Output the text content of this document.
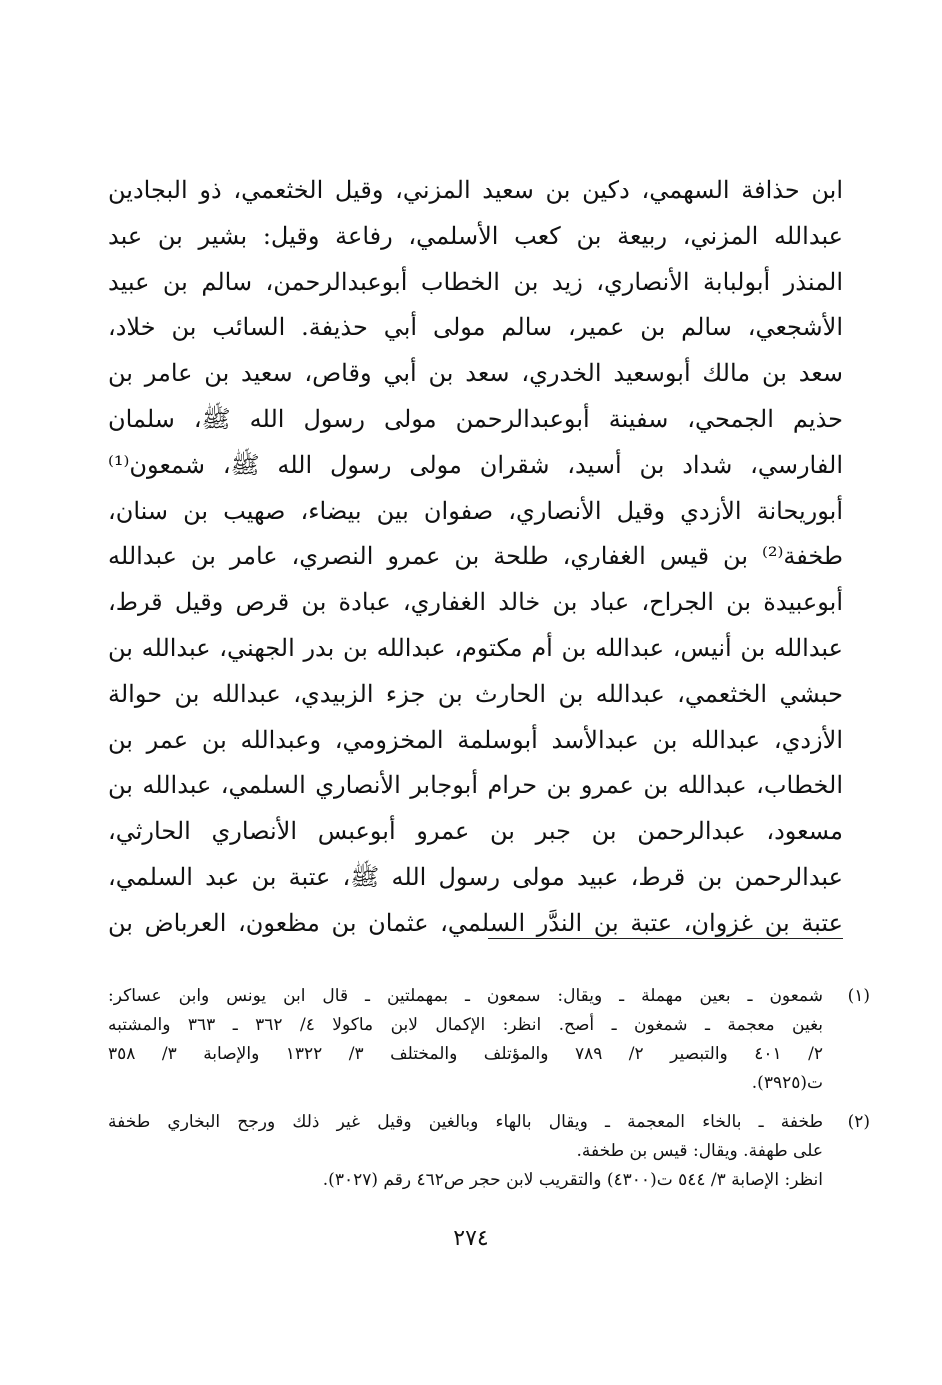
ابن حذافة السهمي، دكين بن سعيد المزني، وقيل الخثعمي، ذو البجادين
عبدالله المزني، ربيعة بن كعب الأسلمي، رفاعة وقيل: بشير بن عبد
المنذر أبولبابة الأنصاري، زيد بن الخطاب أبوعبدالرحمن، سالم بن عبيد
الأشجعي، سالم بن عمير، سالم مولى أبي حذيفة. السائب بن خلاد،
سعد بن مالك أبوسعيد الخدري، سعد بن أبي وقاص، سعيد بن عامر بن
حذيم الجمحي، سفينة أبوعبدالرحمن مولى رسول الله ﷺ، سلمان
الفارسي، شداد بن أسيد، شقران مولى رسول الله ﷺ، شمعون⁽¹⁾
أبوريحانة الأزدي وقيل الأنصاري، صفوان بين بيضاء، صهيب بن سنان،
طخفة⁽²⁾ بن قيس الغفاري، طلحة بن عمرو النصري، عامر بن عبدالله
أبوعبيدة بن الجراح، عباد بن خالد الغفاري، عبادة بن قرص وقيل قرط،
عبدالله بن أنيس، عبدالله بن أم مكتوم، عبدالله بن بدر الجهني، عبدالله بن
حبشي الخثعمي، عبدالله بن الحارث بن جزء الزبيدي، عبدالله بن حوالة
الأزدي، عبدالله بن عبدالأسد أبوسلمة المخزومي، وعبدالله بن عمر بن
الخطاب، عبدالله بن عمرو بن حرام أبوجابر الأنصاري السلمي، عبدالله بن
مسعود، عبدالرحمن بن جبر بن عمرو أبوعبس الأنصاري الحارثي،
عبدالرحمن بن قرط، عبيد مولى رسول الله ﷺ، عتبة بن عبد السلمي،
عتبة بن غزوان، عتبة بن الندَّر السلمي، عثمان بن مظعون، العرباض بن
(١)
شمعون ـ بعين مهملة ـ ويقال: سمعون ـ بمهملتين ـ قال ابن يونس وابن عساكر:
بغين معجمة ـ شمغون ـ أصح. انظر: الإكمال لابن ماكولا ٤/ ٣٦٢ ـ ٣٦٣ والمشتبه
٢/ ٤٠١ والتبصير ٢/ ٧٨٩ والمؤتلف والمختلف ٣/ ١٣٢٢ والإصابة ٣/ ٣٥٨
ت(٣٩٢٥).
(٢)
طخفة ـ بالخاء المعجمة ـ ويقال بالهاء وبالغين وقيل غير ذلك ورجح البخاري طخفة
على طهفة. ويقال: قيس بن طخفة.
انظر: الإصابة ٣/ ٥٤٤ ت(٤٣٠٠) والتقريب لابن حجر ص٤٦٢ رقم (٣٠٢٧).
٢٧٤
